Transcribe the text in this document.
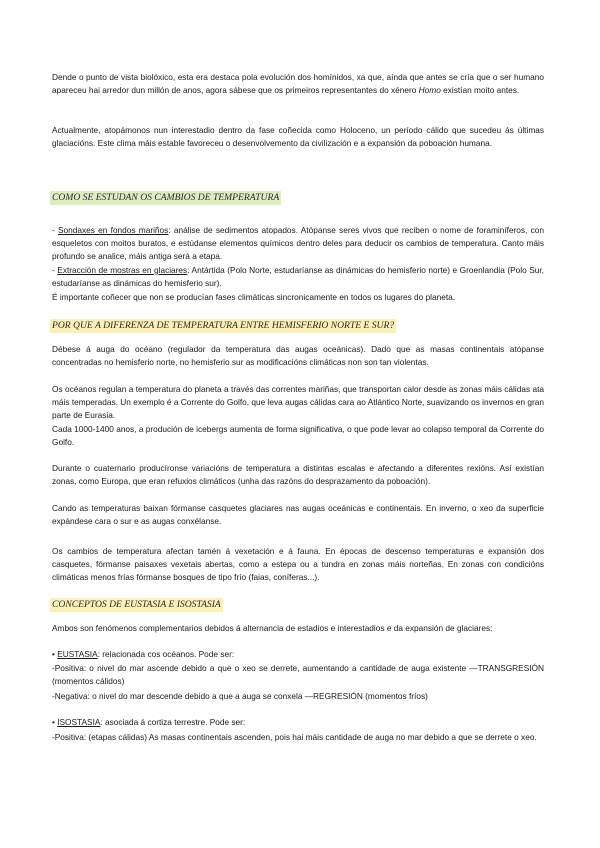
Dende o punto de vista biolóxico, esta era destaca pola evolución dos homínidos, xa que, aínda que antes se cría que o ser humano apareceu hai arredor dun millón de anos, agora sábese que os primeiros representantes do xénero Homo existían moito antes.

Actualmente, atopámonos nun interestadio dentro da fase coñecida como Holoceno, un período cálido que sucedeu ás últimas glaciacións. Este clima máis estable favoreceu o desenvolvemento da civilización e a expansión da poboación humana.

COMO SE ESTUDAN OS CAMBIOS DE TEMPERATURA

- Sondaxes en fondos mariños: análise de sedimentos atopados. Atópanse seres vivos que reciben o nome de foraminíferos, con esqueletos con moitos buratos, e estúdanse elementos químicos dentro deles para deducir os cambios de temperatura. Canto máis profundo se analice, máis antiga será a etapa.

- Extracción de mostras en glaciares: Antártida (Polo Norte, estudaríanse as dinámicas do hemisferio norte) e Groenlandia (Polo Sur, estudaríanse as dinámicas do hemisferio sur).

É importante coñecer que non se producían fases climáticas sincronicamente en todos os lugares do planeta.

POR QUE A DIFERENZA DE TEMPERATURA ENTRE HEMISFERIO NORTE E SUR?

Débese á auga do océano (regulador da temperatura das augas oceánicas). Dado que as masas continentais atópanse concentradas no hemisferio norte, no hemisferio sur as modificacións climáticas non son tan violentas.

Os océanos regulan a temperatura do planeta a través das correntes mariñas, que transportan calor desde as zonas máis cálidas ata máis temperadas. Un exemplo é a Corrente do Golfo, que leva augas cálidas cara ao Atlántico Norte, suavizando os invernos en gran parte de Eurasia.

Cada 1000-1400 anos, a produción de icebergs aumenta de forma significativa, o que pode levar ao colapso temporal da Corrente do Golfo.

Durante o cuaternario producíronse variacións de temperatura a distintas escalas e afectando a diferentes rexións. Así existían zonas, como Europa, que eran refuxios climáticos (unha das razóns do desprazamento da poboación).

Cando as temperaturas baixan fórmanse casquetes glaciares nas augas oceánicas e continentais. En inverno, o xeo da superficie expándese cara o sur e as augas conxélanse.

Os cambios de temperatura afectan tamén á vexetación e á fauna. En épocas de descenso temperaturas e expansión dos casquetes, fórmanse paisaxes vexetais abertas, como a estepa ou a tundra en zonas máis norteñas. En zonas con condicións climáticas menos frías fórmanse bosques de tipo frío (faias, coníferas...).

CONCEPTOS DE EUSTASIA E ISOSTASIA

Ambos son fenómenos complementarios debidos á alternancia de estadios e interestadios e da expansión de glaciares:

• EUSTASIA: relacionada cos océanos. Pode ser:

-Positiva: o nivel do mar ascende debido a que o xeo se derrete, aumentando a cantidade de auga existente —TRANSGRESIÓN (momentos cálidos)

-Negativa: o nivel do mar descende debido a que a auga se conxela —REGRESIÓN (momentos fríos)

• ISOSTASIA: asociada á cortiza terrestre. Pode ser:

-Positiva: (etapas cálidas) As masas continentais ascenden, pois hai máis cantidade de auga no mar debido a que se derrete o xeo.
